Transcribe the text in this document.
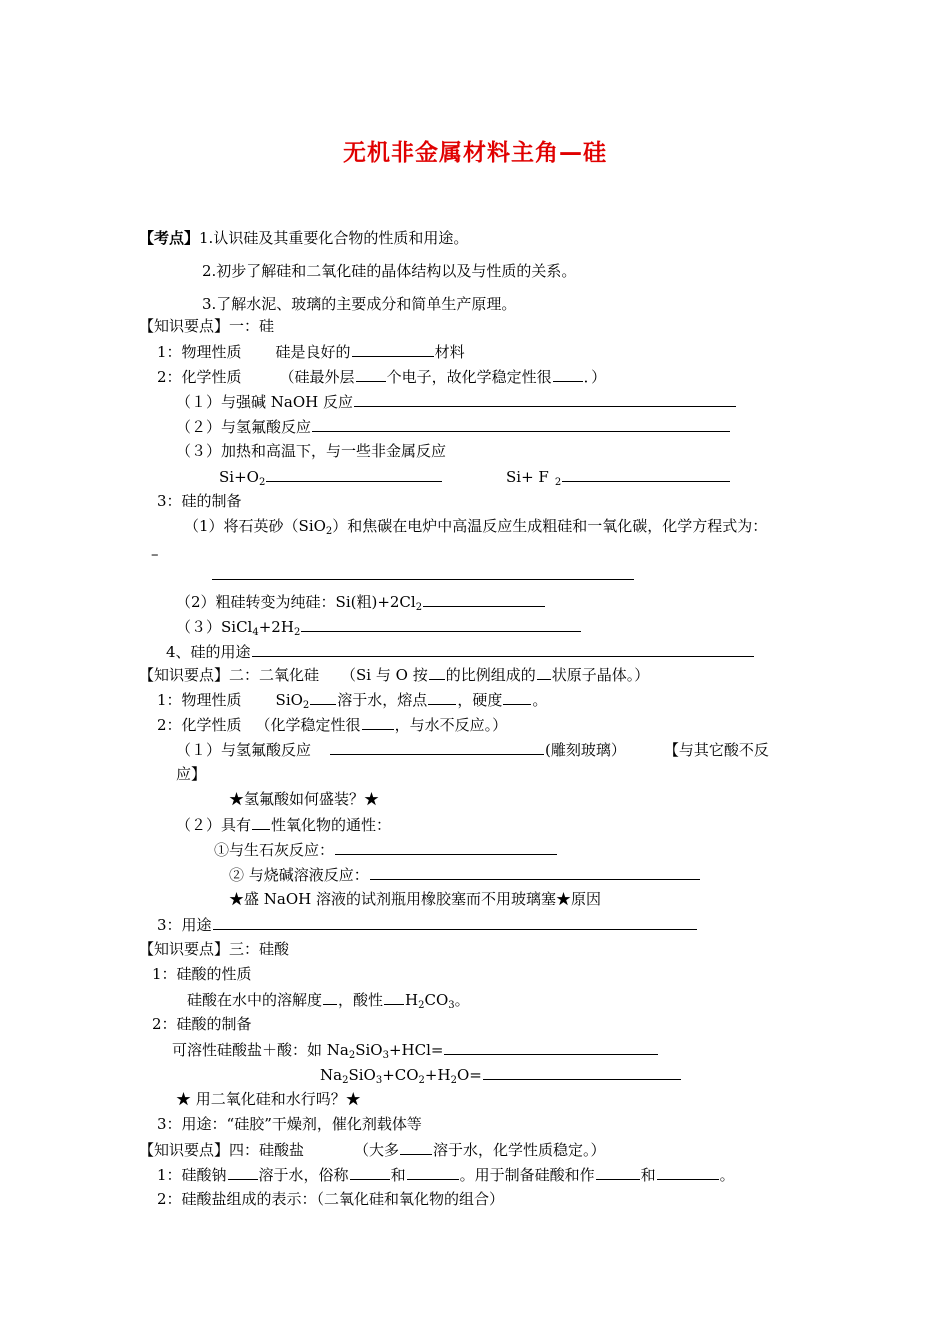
无机非金属材料主角—硅
【考点】1.认识硅及其重要化合物的性质和用途。
2.初步了解硅和二氧化硅的晶体结构以及与性质的关系。
3.了解水泥、玻璃的主要成分和简单生产原理。
【知识要点】一：硅
1：物理性质 硅是良好的	材料
2：化学性质	（硅最外层 个电子，故化学稳定性很 ．）
（１）与强碱 NaOH 反应
（２）与氢氟酸反应
（３）加热和高温下，与一些非金属反应
$Si+O_2$	Si+ F $_2$
3：硅的制备
（1）将石英砂（SiO$_2$）和焦碳在电炉中高温反应生成粗硅和一氧化碳，化学方程式为：
–
（2）粗硅转变为纯硅：Si(粗)$+2Cl_2$
$(3)SiCl_4+2H_2$
4、硅的用途
【知识要点】二：二氧化硅 （Si 与 O 按 的比例组成的 状原子晶体。）
1：物理性质 SiO$_2$ 溶于水，熔点 ，硬度 。
2：化学性质 （化学稳定性很 ，与水不反应。）
（１）与氢氟酸反应	(雕刻玻璃）	【与其它酸不反
应】
★氢氟酸如何盛装？★
（２）具有 性氧化物的通性：
①与生石灰反应：
② 与烧碱溶液反应：
★盛 NaOH 溶液的试剂瓶用橡胶塞而不用玻璃塞★原因
3：用途
【知识要点】三：硅酸
1：硅酸的性质
硅酸在水中的溶解度 ，酸性 $H_2CO_3$。
2：硅酸的制备
可溶性硅酸盐＋酸：如 $Na_2SiO_3+HCl=$
$Na_2SiO_3+CO_2+H_2O=$
★ 用二氧化硅和水行吗？★
3：用途：“硅胶”干燥剂，催化剂载体等
【知识要点】四：硅酸盐	（大多 溶于水，化学性质稳定。）
1：硅酸钠 溶于水，俗称	和	。用于制备硅酸和作	和	。
2：硅酸盐组成的表示：（二氧化硅和氧化物的组合）
